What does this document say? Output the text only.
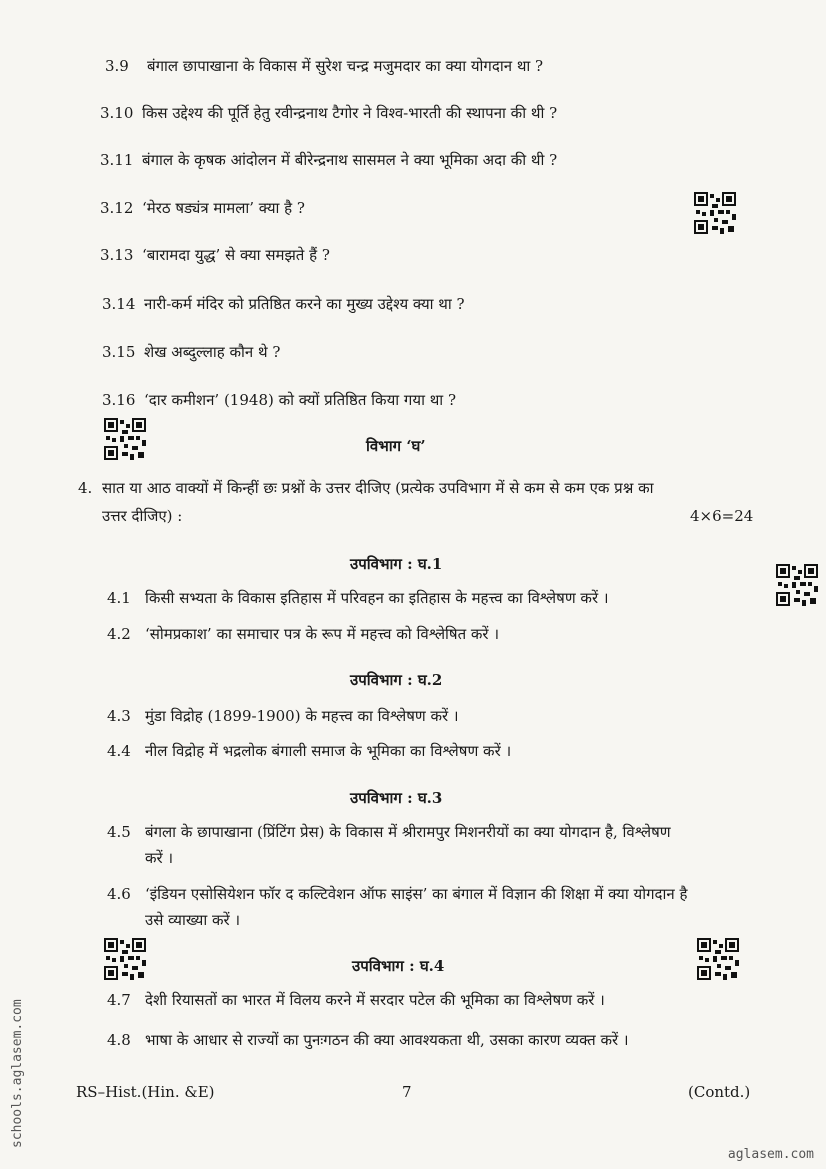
3.9 बंगाल छापाखाना के विकास में सुरेश चन्द्र मजुमदार का क्या योगदान था ?
3.10 किस उद्देश्य की पूर्ति हेतु रवीन्द्रनाथ टैगोर ने विश्व-भारती की स्थापना की थी ?
3.11 बंगाल के कृषक आंदोलन में बीरेन्द्रनाथ सासमल ने क्या भूमिका अदा की थी ?
3.12 ‘मेरठ षड्यंत्र मामला’ क्या है ?
3.13 ‘बारामदा युद्ध’ से क्या समझते हैं ?
3.14 नारी-कर्म मंदिर को प्रतिष्ठित करने का मुख्य उद्देश्य क्या था ?
3.15 शेख अब्दुल्लाह कौन थे ?
3.16 ‘दार कमीशन’ (1948) को क्यों प्रतिष्ठित किया गया था ?
विभाग ‘घ’
4. सात या आठ वाक्यों में किन्हीं छः प्रश्नों के उत्तर दीजिए (प्रत्येक उपविभाग में से कम से कम एक प्रश्न का
उत्तर दीजिए) :	4×6=24
उपविभाग : घ.1
4.1 किसी सभ्यता के विकास इतिहास में परिवहन का इतिहास के महत्त्व का विश्लेषण करें ।
4.2 ‘सोमप्रकाश’ का समाचार पत्र के रूप में महत्त्व को विश्लेषित करें ।
उपविभाग : घ.2
4.3 मुंडा विद्रोह (1899-1900) के महत्त्व का विश्लेषण करें ।
4.4 नील विद्रोह में भद्रलोक बंगाली समाज के भूमिका का विश्लेषण करें ।
उपविभाग : घ.3
4.5 बंगला के छापाखाना (प्रिंटिंग प्रेस) के विकास में श्रीरामपुर मिशनरीयों का क्या योगदान है, विश्लेषण
करें ।
4.6 ‘इंडियन एसोसियेशन फॉर द कल्टिवेशन ऑफ साइंस’ का बंगाल में विज्ञान की शिक्षा में क्या योगदान है
उसे व्याख्या करें ।
उपविभाग : घ.4
4.7 देशी रियासतों का भारत में विलय करने में सरदार पटेल की भूमिका का विश्लेषण करें ।
4.8 भाषा के आधार से राज्यों का पुनःगठन की क्या आवश्यकता थी, उसका कारण व्यक्त करें ।
RS–Hist.(Hin. &E)	7	(Contd.)
schools.aglasem.com
aglasem.com
